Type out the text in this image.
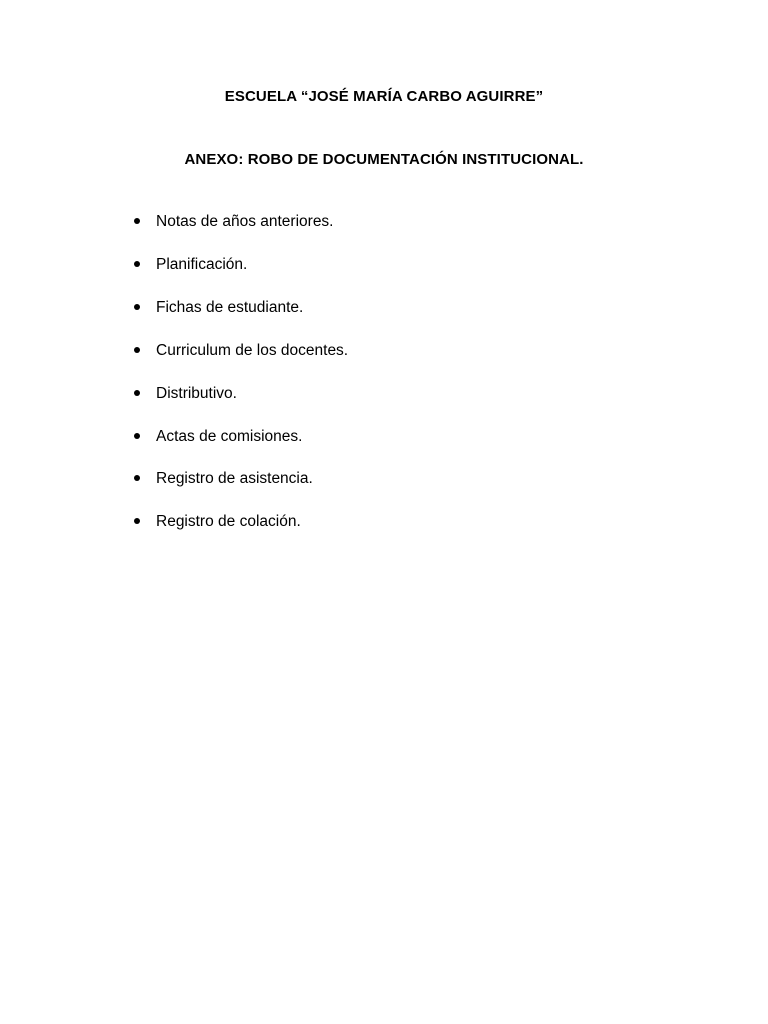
ESCUELA “JOSÉ MARÍA CARBO AGUIRRE”
ANEXO: ROBO DE DOCUMENTACIÓN INSTITUCIONAL.
Notas de años anteriores.
Planificación.
Fichas de estudiante.
Curriculum de los docentes.
Distributivo.
Actas de comisiones.
Registro de asistencia.
Registro de colación.
